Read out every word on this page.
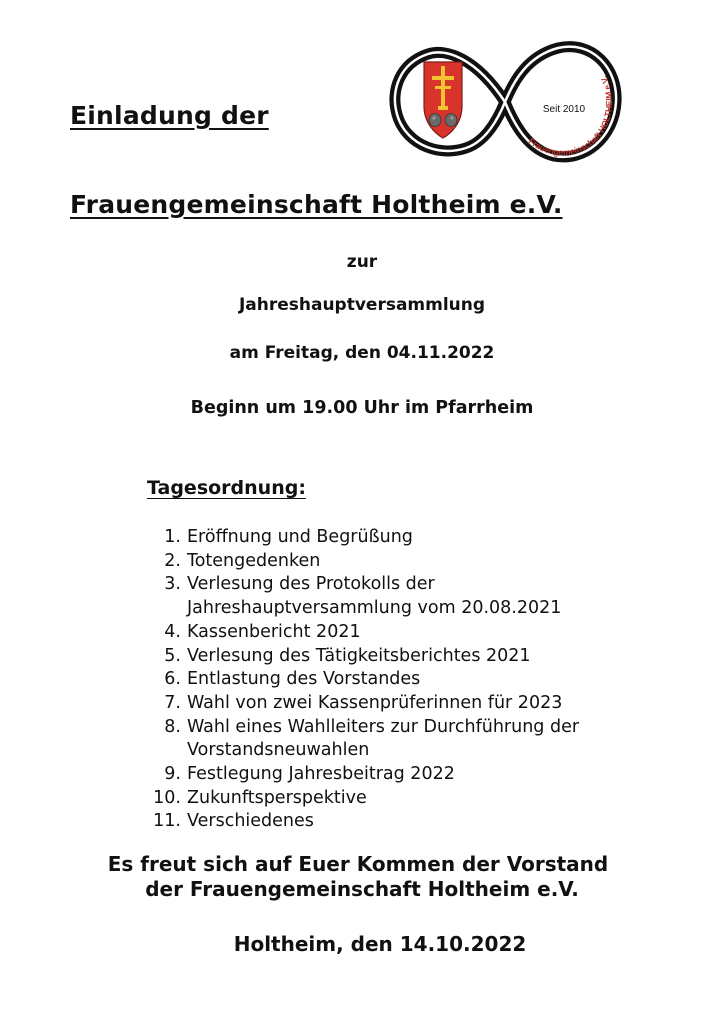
Einladung der
Frauengemeinschaft Holtheim e.V.
Frauengemeinschaft HOLTHEIM e.V.
Seit 2010
zur
Jahreshauptversammlung
am Freitag, den 04.11.2022
Beginn um 19.00 Uhr im Pfarrheim
Tagesordnung:
1. Eröffnung und Begrüßung
2. Totengedenken
3. Verlesung des Protokolls der
Jahreshauptversammlung vom 20.08.2021
4. Kassenbericht 2021
5. Verlesung des Tätigkeitsberichtes 2021
6. Entlastung des Vorstandes
7. Wahl von zwei Kassenprüferinnen für 2023
8. Wahl eines Wahlleiters zur Durchführung der
Vorstandsneuwahlen
9. Festlegung Jahresbeitrag 2022
10. Zukunftsperspektive
11. Verschiedenes
Es freut sich auf Euer Kommen der Vorstand
der Frauengemeinschaft Holtheim e.V.
Holtheim, den 14.10.2022
